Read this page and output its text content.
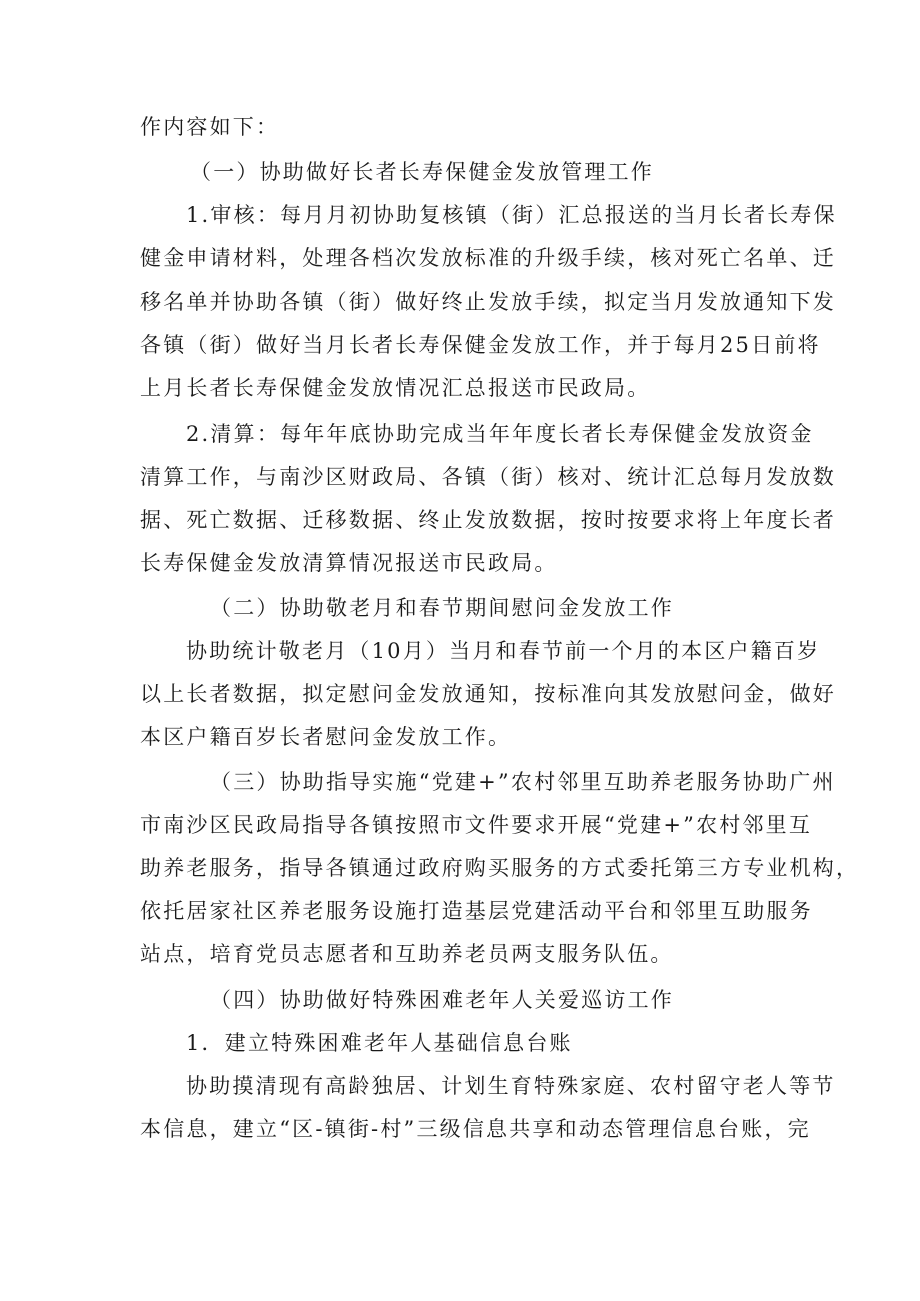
作内容如下：
（一）协助做好长者长寿保健金发放管理工作
1.审核：每月月初协助复核镇（街）汇总报送的当月长者长寿保
健金申请材料，处理各档次发放标准的升级手续，核对死亡名单、迁
移名单并协助各镇（街）做好终止发放手续，拟定当月发放通知下发
各镇（街）做好当月长者长寿保健金发放工作，并于每月25日前将
上月长者长寿保健金发放情况汇总报送市民政局。
2.清算：每年年底协助完成当年年度长者长寿保健金发放资金
清算工作，与南沙区财政局、各镇（街）核对、统计汇总每月发放数
据、死亡数据、迁移数据、终止发放数据，按时按要求将上年度长者
长寿保健金发放清算情况报送市民政局。
（二）协助敬老月和春节期间慰问金发放工作
协助统计敬老月（10月）当月和春节前一个月的本区户籍百岁
以上长者数据，拟定慰问金发放通知，按标准向其发放慰问金，做好
本区户籍百岁长者慰问金发放工作。
（三）协助指导实施“党建+”农村邻里互助养老服务协助广州
市南沙区民政局指导各镇按照市文件要求开展“党建+”农村邻里互
助养老服务，指导各镇通过政府购买服务的方式委托第三方专业机构，
依托居家社区养老服务设施打造基层党建活动平台和邻里互助服务
站点，培育党员志愿者和互助养老员两支服务队伍。
（四）协助做好特殊困难老年人关爱巡访工作
1．建立特殊困难老年人基础信息台账
协助摸清现有高龄独居、计划生育特殊家庭、农村留守老人等节
本信息，建立“区-镇街-村”三级信息共享和动态管理信息台账，完
